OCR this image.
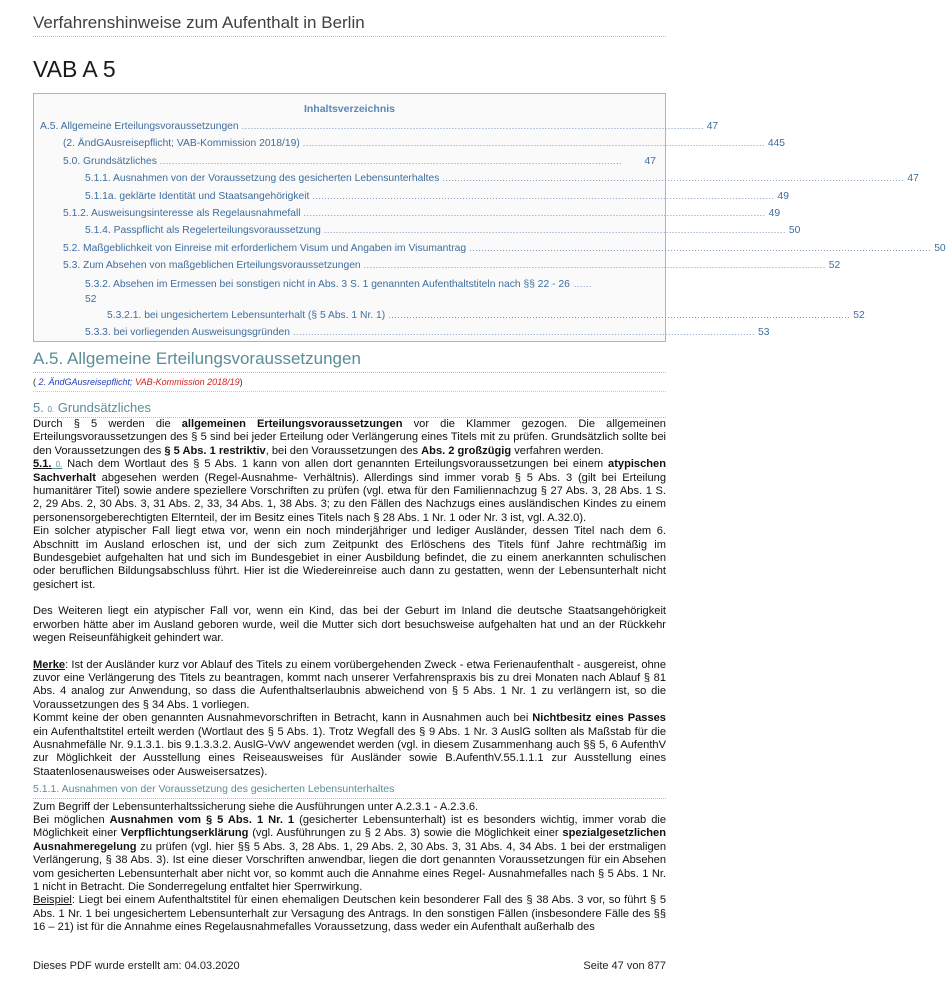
Verfahrenshinweise zum Aufenthalt in Berlin
VAB A 5
Inhaltsverzeichnis
A.5. Allgemeine Erteilungsvoraussetzungen .......................................................................................................................................................... 47
(2. ÄndGAusreisepflicht; VAB-Kommission 2018/19) .......................................................................................................................................................... 445
5.0. Grundsätzliches ..........................................................................................................................................................	47
5.1.1. Ausnahmen von der Voraussetzung des gesicherten Lebensunterhaltes .......................................................................................................................................................... 47
5.1.1a. geklärte Identität und Staatsangehörigkeit .......................................................................................................................................................... 49
5.1.2. Ausweisungsinteresse als Regelausnahmefall .......................................................................................................................................................... 49
5.1.4. Passpflicht als Regelerteilungsvoraussetzung .......................................................................................................................................................... 50
5.2. Maßgeblichkeit von Einreise mit erforderlichem Visum und Angaben im Visumantrag .......................................................................................................................................................... 50
5.3. Zum Absehen von maßgeblichen Erteilungsvoraussetzungen .......................................................................................................................................................... 52
5.3.2. Absehen im Ermessen bei sonstigen nicht in Abs. 3 S. 1 genannten Aufenthaltstiteln nach §§ 22 - 26 ......
52
5.3.2.1. bei ungesichertem Lebensunterhalt (§ 5 Abs. 1 Nr. 1) .......................................................................................................................................................... 52
5.3.3. bei vorliegenden Ausweisungsgründen .......................................................................................................................................................... 53
A.5. Allgemeine Erteilungsvoraussetzungen
( 2. ÄndGAusreisepflicht; VAB-Kommission 2018/19)
5. 0. Grundsätzliches

Durch § 5 werden die allgemeinen Erteilungsvoraussetzungen vor die Klammer gezogen. Die allgemeinen Erteilungsvoraussetzungen des § 5 sind bei jeder Erteilung oder Verlängerung eines Titels mit zu prüfen. Grundsätzlich sollte bei den Voraussetzungen des § 5 Abs. 1 restriktiv, bei den Voraussetzungen des Abs. 2 großzügig verfahren werden.

5.1. 0. Nach dem Wortlaut des § 5 Abs. 1 kann von allen dort genannten Erteilungsvoraussetzungen bei einem atypischen Sachverhalt abgesehen werden (Regel-Ausnahme- Verhältnis). Allerdings sind immer vorab § 5 Abs. 3 (gilt bei Erteilung humanitärer Titel) sowie andere speziellere Vorschriften zu prüfen (vgl. etwa für den Familiennachzug § 27 Abs. 3, 28 Abs. 1 S. 2, 29 Abs. 2, 30 Abs. 3, 31 Abs. 2, 33, 34 Abs. 1, 38 Abs. 3; zu den Fällen des Nachzugs eines ausländischen Kindes zu einem personensorgeberechtigten Elternteil, der im Besitz eines Titels nach § 28 Abs. 1 Nr. 1 oder Nr. 3 ist, vgl. A.32.0).

Ein solcher atypischer Fall liegt etwa vor, wenn ein noch minderjähriger und lediger Ausländer, dessen Titel nach dem 6. Abschnitt im Ausland erloschen ist, und der sich zum Zeitpunkt des Erlöschens des Titels fünf Jahre rechtmäßig im Bundesgebiet aufgehalten hat und sich im Bundesgebiet in einer Ausbildung befindet, die zu einem anerkannten schulischen oder beruflichen Bildungsabschluss führt. Hier ist die Wiedereinreise auch dann zu gestatten, wenn der Lebensunterhalt nicht gesichert ist.

Des Weiteren liegt ein atypischer Fall vor, wenn ein Kind, das bei der Geburt im Inland die deutsche Staatsangehörigkeit erworben hätte aber im Ausland geboren wurde, weil die Mutter sich dort besuchsweise aufgehalten hat und an der Rückkehr wegen Reiseunfähigkeit gehindert war.

Merke: Ist der Ausländer kurz vor Ablauf des Titels zu einem vorübergehenden Zweck - etwa Ferienaufenthalt - ausgereist, ohne zuvor eine Verlängerung des Titels zu beantragen, kommt nach unserer Verfahrenspraxis bis zu drei Monaten nach Ablauf § 81 Abs. 4 analog zur Anwendung, so dass die Aufenthaltserlaubnis abweichend von § 5 Abs. 1 Nr. 1 zu verlängern ist, so die Voraussetzungen des § 34 Abs. 1 vorliegen.

Kommt keine der oben genannten Ausnahmevorschriften in Betracht, kann in Ausnahmen auch bei Nichtbesitz eines Passes ein Aufenthaltstitel erteilt werden (Wortlaut des § 5 Abs. 1). Trotz Wegfall des § 9 Abs. 1 Nr. 3 AuslG sollten als Maßstab für die Ausnahmefälle Nr. 9.1.3.1. bis 9.1.3.3.2. AuslG-VwV angewendet werden (vgl. in diesem Zusammenhang auch §§ 5, 6 AufenthV zur Möglichkeit der Ausstellung eines Reiseausweises für Ausländer sowie B.AufenthV.55.1.1.1 zur Ausstellung eines Staatenlosenausweises oder Ausweisersatzes).

5.1.1. Ausnahmen von der Voraussetzung des gesicherten Lebensunterhaltes

Zum Begriff der Lebensunterhaltssicherung siehe die Ausführungen unter A.2.3.1 - A.2.3.6.

Bei möglichen Ausnahmen vom § 5 Abs. 1 Nr. 1 (gesicherter Lebensunterhalt) ist es besonders wichtig, immer vorab die Möglichkeit einer Verpflichtungserklärung (vgl. Ausführungen zu § 2 Abs. 3) sowie die Möglichkeit einer spezialgesetzlichen Ausnahmeregelung zu prüfen (vgl. hier §§ 5 Abs. 3, 28 Abs. 1, 29 Abs. 2, 30 Abs. 3, 31 Abs. 4, 34 Abs. 1 bei der erstmaligen Verlängerung, § 38 Abs. 3). Ist eine dieser Vorschriften anwendbar, liegen die dort genannten Voraussetzungen für ein Absehen vom gesicherten Lebensunterhalt aber nicht vor, so kommt auch die Annahme eines Regel- Ausnahmefalles nach § 5 Abs. 1 Nr. 1 nicht in Betracht. Die Sonderregelung entfaltet hier Sperrwirkung.

Beispiel: Liegt bei einem Aufenthaltstitel für einen ehemaligen Deutschen kein besonderer Fall des § 38 Abs. 3 vor, so führt § 5 Abs. 1 Nr. 1 bei ungesichertem Lebensunterhalt zur Versagung des Antrags. In den sonstigen Fällen (insbesondere Fälle des §§ 16 – 21) ist für die Annahme eines Regelausnahmefalles Voraussetzung, dass weder ein Aufenthalt außerhalb des

Dieses PDF wurde erstellt am: 04.03.2020	Seite 47 von 877
